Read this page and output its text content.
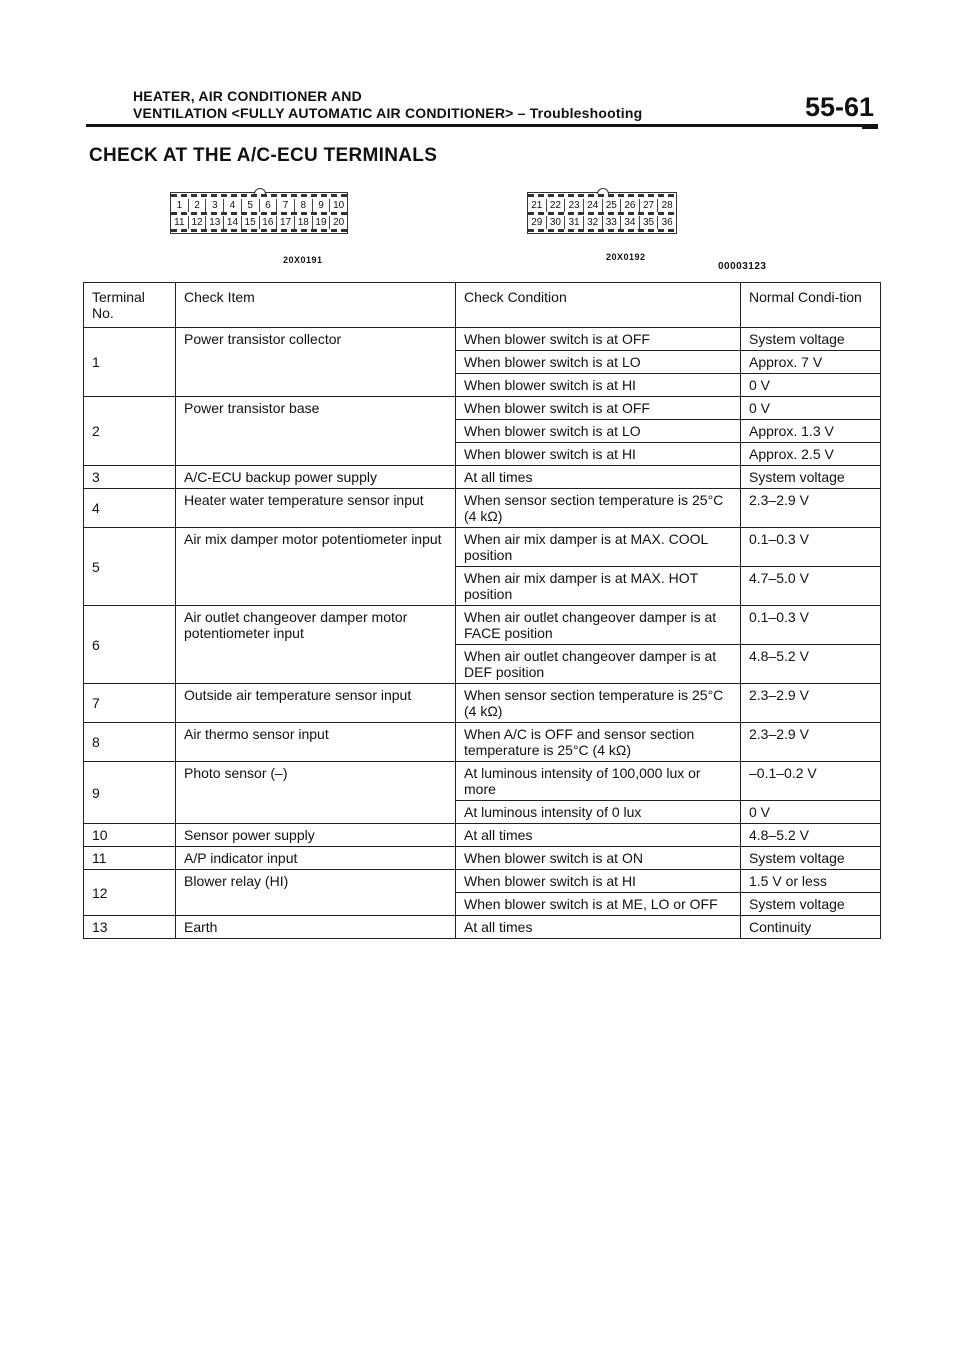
HEATER, AIR CONDITIONER AND
VENTILATION <FULLY AUTOMATIC AIR CONDITIONER> – Troubleshooting	55-61
CHECK AT THE A/C-ECU TERMINALS
1	2	3	4	5	6	7	8	9 10
11 12 13 14 15 16 17 18 19 20
20X0191
21 22 23 24 25 26 27 28
29 30 31 32 33 34 35 36
20X0192
00003123
Terminal No.	Check Item	Check Condition	Normal Condi-tion
1	Power transistor collector	When blower switch is at OFF	System voltage
		When blower switch is at LO	Approx. 7 V
		When blower switch is at HI	0 V
2	Power transistor base	When blower switch is at OFF	0 V
		When blower switch is at LO	Approx. 1.3 V
		When blower switch is at HI	Approx. 2.5 V
3	A/C-ECU backup power supply	At all times	System voltage
4	Heater water temperature sensor input	When sensor section temperature is 25°C (4 kΩ)	2.3–2.9 V
5	Air mix damper motor potentiometer input	When air mix damper is at MAX. COOL position	0.1–0.3 V
		When air mix damper is at MAX. HOT position	4.7–5.0 V
6	Air outlet changeover damper motor potentiometer input	When air outlet changeover damper is at FACE position	0.1–0.3 V
		When air outlet changeover damper is at DEF position	4.8–5.2 V
7	Outside air temperature sensor input	When sensor section temperature is 25°C (4 kΩ)	2.3–2.9 V
8	Air thermo sensor input	When A/C is OFF and sensor section temperature is 25°C (4 kΩ)	2.3–2.9 V
9	Photo sensor (–)	At luminous intensity of 100,000 lux or more	–0.1–0.2 V
		At luminous intensity of 0 lux	0 V
10	Sensor power supply	At all times	4.8–5.2 V
11	A/P indicator input	When blower switch is at ON	System voltage
12	Blower relay (HI)	When blower switch is at HI	1.5 V or less
		When blower switch is at ME, LO or OFF	System voltage
13	Earth	At all times	Continuity
